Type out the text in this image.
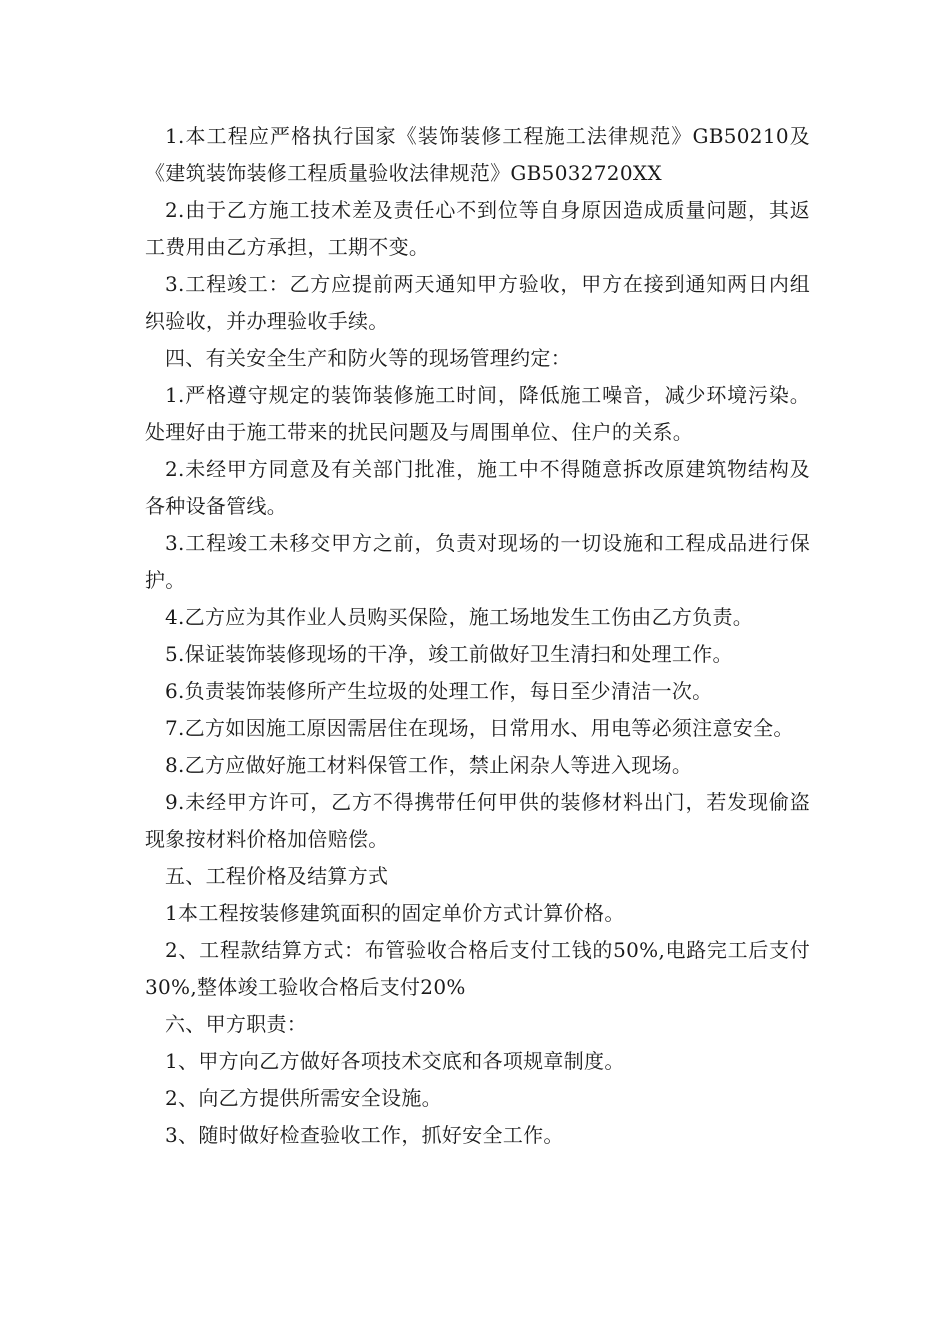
1.本工程应严格执行国家《装饰装修工程施工法律规范》GB50210及《建筑装饰装修工程质量验收法律规范》GB5032720XX

2.由于乙方施工技术差及责任心不到位等自身原因造成质量问题，其返工费用由乙方承担，工期不变。

3.工程竣工：乙方应提前两天通知甲方验收，甲方在接到通知两日内组织验收，并办理验收手续。

四、有关安全生产和防火等的现场管理约定：

1.严格遵守规定的装饰装修施工时间，降低施工噪音，减少环境污染。处理好由于施工带来的扰民问题及与周围单位、住户的关系。

2.未经甲方同意及有关部门批准，施工中不得随意拆改原建筑物结构及各种设备管线。

3.工程竣工未移交甲方之前，负责对现场的一切设施和工程成品进行保护。

4.乙方应为其作业人员购买保险，施工场地发生工伤由乙方负责。

5.保证装饰装修现场的干净，竣工前做好卫生清扫和处理工作。

6.负责装饰装修所产生垃圾的处理工作，每日至少清洁一次。

7.乙方如因施工原因需居住在现场，日常用水、用电等必须注意安全。

8.乙方应做好施工材料保管工作，禁止闲杂人等进入现场。

9.未经甲方许可，乙方不得携带任何甲供的装修材料出门，若发现偷盗现象按材料价格加倍赔偿。

五、工程价格及结算方式

1本工程按装修建筑面积的固定单价方式计算价格。

2、工程款结算方式：布管验收合格后支付工钱的50%,电路完工后支付30%,整体竣工验收合格后支付20%

六、甲方职责：

1、甲方向乙方做好各项技术交底和各项规章制度。

2、向乙方提供所需安全设施。

3、随时做好检查验收工作，抓好安全工作。
